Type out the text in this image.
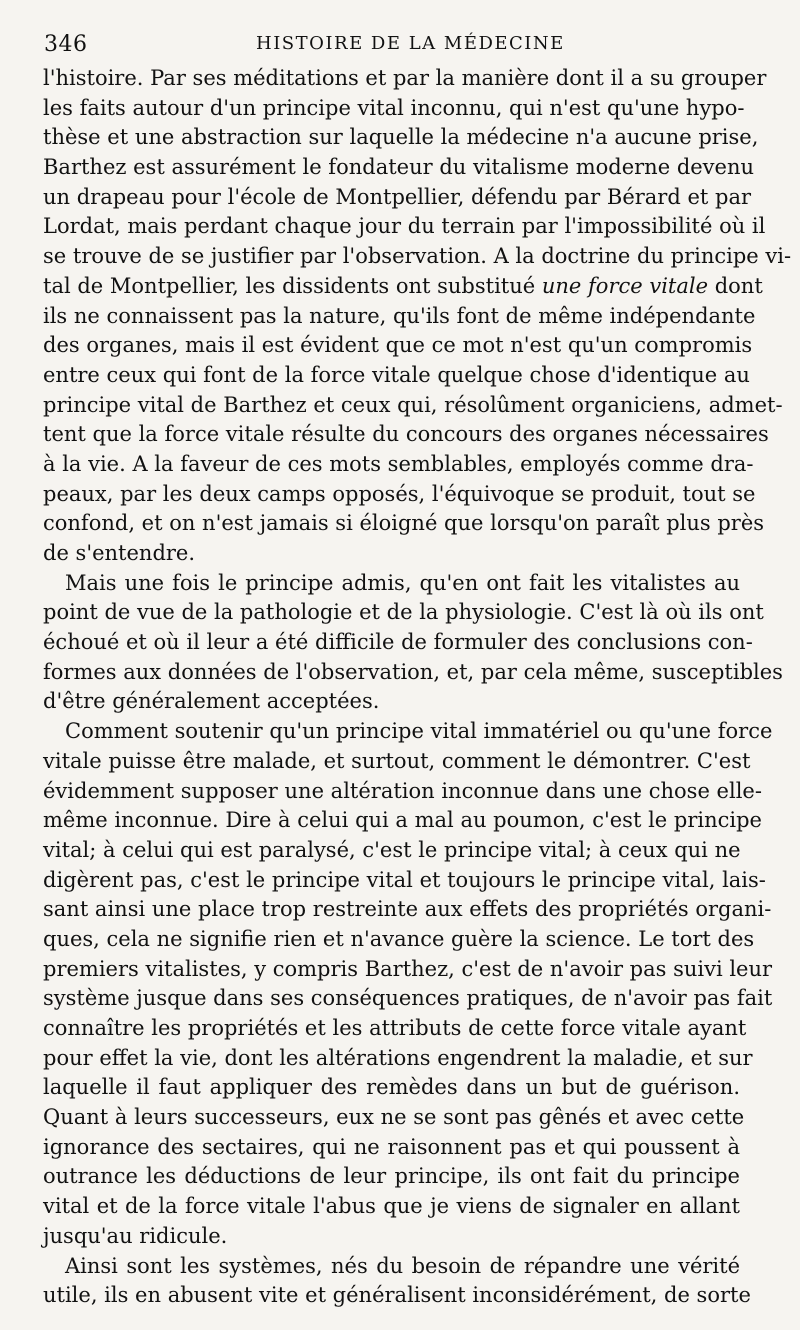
346	HISTOIRE DE LA MÉDECINE
l'histoire. Par ses méditations et par la manière dont il a su grouper
les faits autour d'un principe vital inconnu, qui n'est qu'une hypo-
thèse et une abstraction sur laquelle la médecine n'a aucune prise,
Barthez est assurément le fondateur du vitalisme moderne devenu
un drapeau pour l'école de Montpellier, défendu par Bérard et par
Lordat, mais perdant chaque jour du terrain par l'impossibilité où il
se trouve de se justifier par l'observation. A la doctrine du principe vi-
tal de Montpellier, les dissidents ont substitué une force vitale dont
ils ne connaissent pas la nature, qu'ils font de même indépendante
des organes, mais il est évident que ce mot n'est qu'un compromis
entre ceux qui font de la force vitale quelque chose d'identique au
principe vital de Barthez et ceux qui, résolûment organiciens, admet-
tent que la force vitale résulte du concours des organes nécessaires
à la vie. A la faveur de ces mots semblables, employés comme dra-
peaux, par les deux camps opposés, l'équivoque se produit, tout se
confond, et on n'est jamais si éloigné que lorsqu'on paraît plus près
de s'entendre.
Mais une fois le principe admis, qu'en ont fait les vitalistes au
point de vue de la pathologie et de la physiologie. C'est là où ils ont
échoué et où il leur a été difficile de formuler des conclusions con-
formes aux données de l'observation, et, par cela même, susceptibles
d'être généralement acceptées.
Comment soutenir qu'un principe vital immatériel ou qu'une force
vitale puisse être malade, et surtout, comment le démontrer. C'est
évidemment supposer une altération inconnue dans une chose elle-
même inconnue. Dire à celui qui a mal au poumon, c'est le principe
vital; à celui qui est paralysé, c'est le principe vital; à ceux qui ne
digèrent pas, c'est le principe vital et toujours le principe vital, lais-
sant ainsi une place trop restreinte aux effets des propriétés organi-
ques, cela ne signifie rien et n'avance guère la science. Le tort des
premiers vitalistes, y compris Barthez, c'est de n'avoir pas suivi leur
système jusque dans ses conséquences pratiques, de n'avoir pas fait
connaître les propriétés et les attributs de cette force vitale ayant
pour effet la vie, dont les altérations engendrent la maladie, et sur
laquelle il faut appliquer des remèdes dans un but de guérison.
Quant à leurs successeurs, eux ne se sont pas gênés et avec cette
ignorance des sectaires, qui ne raisonnent pas et qui poussent à
outrance les déductions de leur principe, ils ont fait du principe
vital et de la force vitale l'abus que je viens de signaler en allant
jusqu'au ridicule.
Ainsi sont les systèmes, nés du besoin de répandre une vérité
utile, ils en abusent vite et généralisent inconsidérément, de sorte
